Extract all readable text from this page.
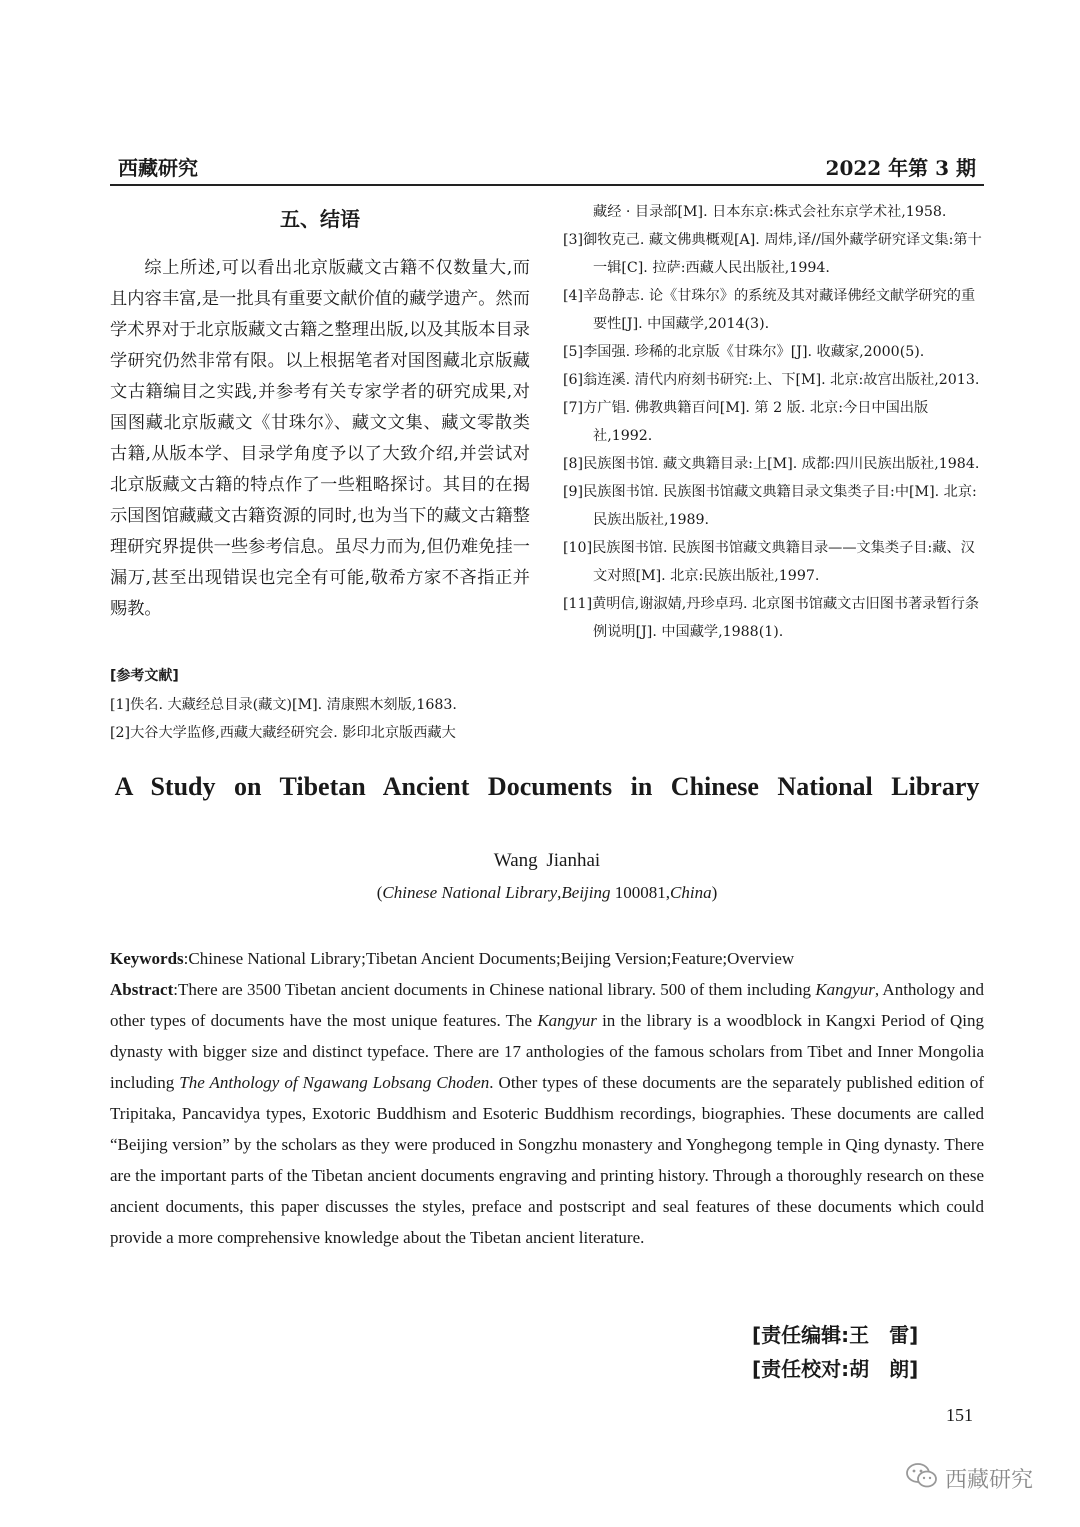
西藏研究	2022 年第 3 期
五、结语

综上所述,可以看出北京版藏文古籍不仅数量大,而且内容丰富,是一批具有重要文献价值的藏学遗产。然而学术界对于北京版藏文古籍之整理出版,以及其版本目录学研究仍然非常有限。以上根据笔者对国图藏北京版藏文古籍编目之实践,并参考有关专家学者的研究成果,对国图藏北京版藏文《甘珠尔》、藏文文集、藏文零散类古籍,从版本学、目录学角度予以了大致介绍,并尝试对北京版藏文古籍的特点作了一些粗略探讨。其目的在揭示国图馆藏藏文古籍资源的同时,也为当下的藏文古籍整理研究界提供一些参考信息。虽尽力而为,但仍难免挂一漏万,甚至出现错误也完全有可能,敬希方家不吝指正并赐教。

[参考文献]
[1]佚名. 大藏经总目录(藏文)[M]. 清康熙木刻版,1683.
[2]大谷大学监修,西藏大藏经研究会. 影印北京版西藏大
藏经 · 目录部[M]. 日本东京:株式会社东京学术社,1958.
[3]御牧克己. 藏文佛典概观[A]. 周炜,译//国外藏学研究译文集:第十一辑[C]. 拉萨:西藏人民出版社,1994.
[4]辛岛静志. 论《甘珠尔》的系统及其对藏译佛经文献学研究的重要性[J]. 中国藏学,2014(3).
[5]李国强. 珍稀的北京版《甘珠尔》[J]. 收藏家,2000(5).
[6]翁连溪. 清代内府刻书研究:上、下[M]. 北京:故宫出版社,2013.
[7]方广锠. 佛教典籍百问[M]. 第 2 版. 北京:今日中国出版社,1992.
[8]民族图书馆. 藏文典籍目录:上[M]. 成都:四川民族出版社,1984.
[9]民族图书馆. 民族图书馆藏文典籍目录文集类子目:中[M]. 北京:民族出版社,1989.
[10]民族图书馆. 民族图书馆藏文典籍目录——文集类子目:藏、汉文对照[M]. 北京:民族出版社,1997.
[11]黄明信,谢淑婧,丹珍卓玛. 北京图书馆藏文古旧图书著录暂行条例说明[J]. 中国藏学,1988(1).
A Study on Tibetan Ancient Documents in Chinese National Library
Wang Jianhai
(Chinese National Library,Beijing 100081,China)
Keywords:Chinese National Library;Tibetan Ancient Documents;Beijing Version;Feature;Overview
Abstract:There are 3500 Tibetan ancient documents in Chinese national library. 500 of them including Kangyur, Anthology and other types of documents have the most unique features. The Kangyur in the library is a woodblock in Kangxi Period of Qing dynasty with bigger size and distinct typeface. There are 17 anthologies of the famous scholars from Tibet and Inner Mongolia including The Anthology of Ngawang Lobsang Choden. Other types of these documents are the separately published edition of Tripitaka, Pancavidya types, Exotoric Buddhism and Esoteric Buddhism recordings, biographies. These documents are called “Beijing version” by the scholars as they were produced in Songzhu monastery and Yonghegong temple in Qing dynasty. There are the important parts of the Tibetan ancient documents engraving and printing history. Through a thoroughly research on these ancient documents, this paper discusses the styles, preface and postscript and seal features of these documents which could provide a more comprehensive knowledge about the Tibetan ancient literature.
[责任编辑:王　雷]
[责任校对:胡　朗]
151
西藏研究
